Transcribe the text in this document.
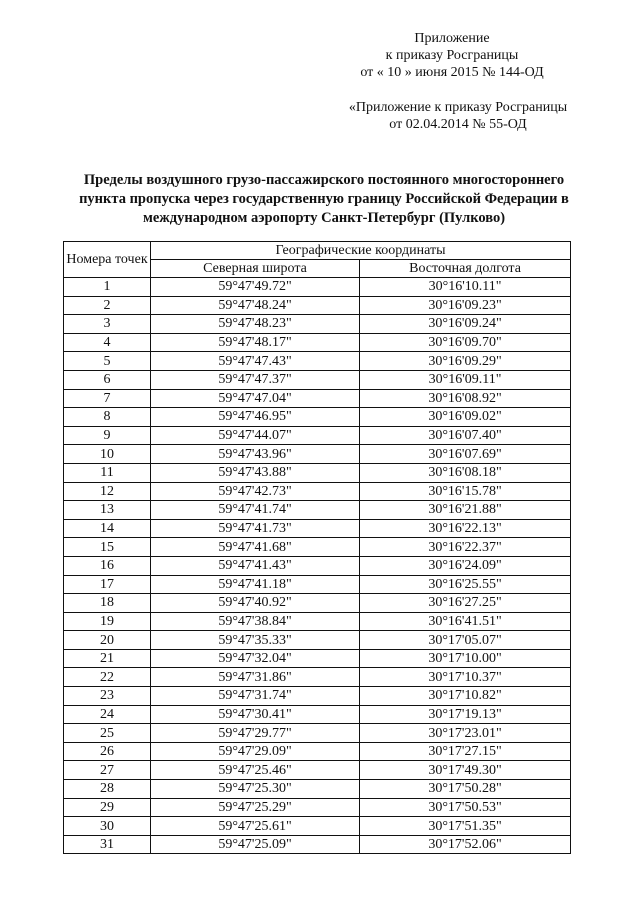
Приложение
к приказу Росграницы
от « 10 » июня 2015 № 144-ОД
«Приложение к приказу Росграницы
от 02.04.2014 № 55-ОД
Пределы воздушного грузо-пассажирского постоянного многостороннего
пункта пропуска через государственную границу Российской Федерации в
международном аэропорту Санкт-Петербург (Пулково)
Номера точек	Географические координаты	
	Северная широта	Восточная долгота
1	59°47'49.72"	30°16'10.11"
2	59°47'48.24"	30°16'09.23"
3	59°47'48.23"	30°16'09.24"
4	59°47'48.17"	30°16'09.70"
5	59°47'47.43"	30°16'09.29"
6	59°47'47.37"	30°16'09.11"
7	59°47'47.04"	30°16'08.92"
8	59°47'46.95"	30°16'09.02"
9	59°47'44.07"	30°16'07.40"
10	59°47'43.96"	30°16'07.69"
11	59°47'43.88"	30°16'08.18"
12	59°47'42.73"	30°16'15.78"
13	59°47'41.74"	30°16'21.88"
14	59°47'41.73"	30°16'22.13"
15	59°47'41.68"	30°16'22.37"
16	59°47'41.43"	30°16'24.09"
17	59°47'41.18"	30°16'25.55"
18	59°47'40.92"	30°16'27.25"
19	59°47'38.84"	30°16'41.51"
20	59°47'35.33"	30°17'05.07"
21	59°47'32.04"	30°17'10.00"
22	59°47'31.86"	30°17'10.37"
23	59°47'31.74"	30°17'10.82"
24	59°47'30.41"	30°17'19.13"
25	59°47'29.77"	30°17'23.01"
26	59°47'29.09"	30°17'27.15"
27	59°47'25.46"	30°17'49.30"
28	59°47'25.30"	30°17'50.28"
29	59°47'25.29"	30°17'50.53"
30	59°47'25.61"	30°17'51.35"
31	59°47'25.09"	30°17'52.06"
